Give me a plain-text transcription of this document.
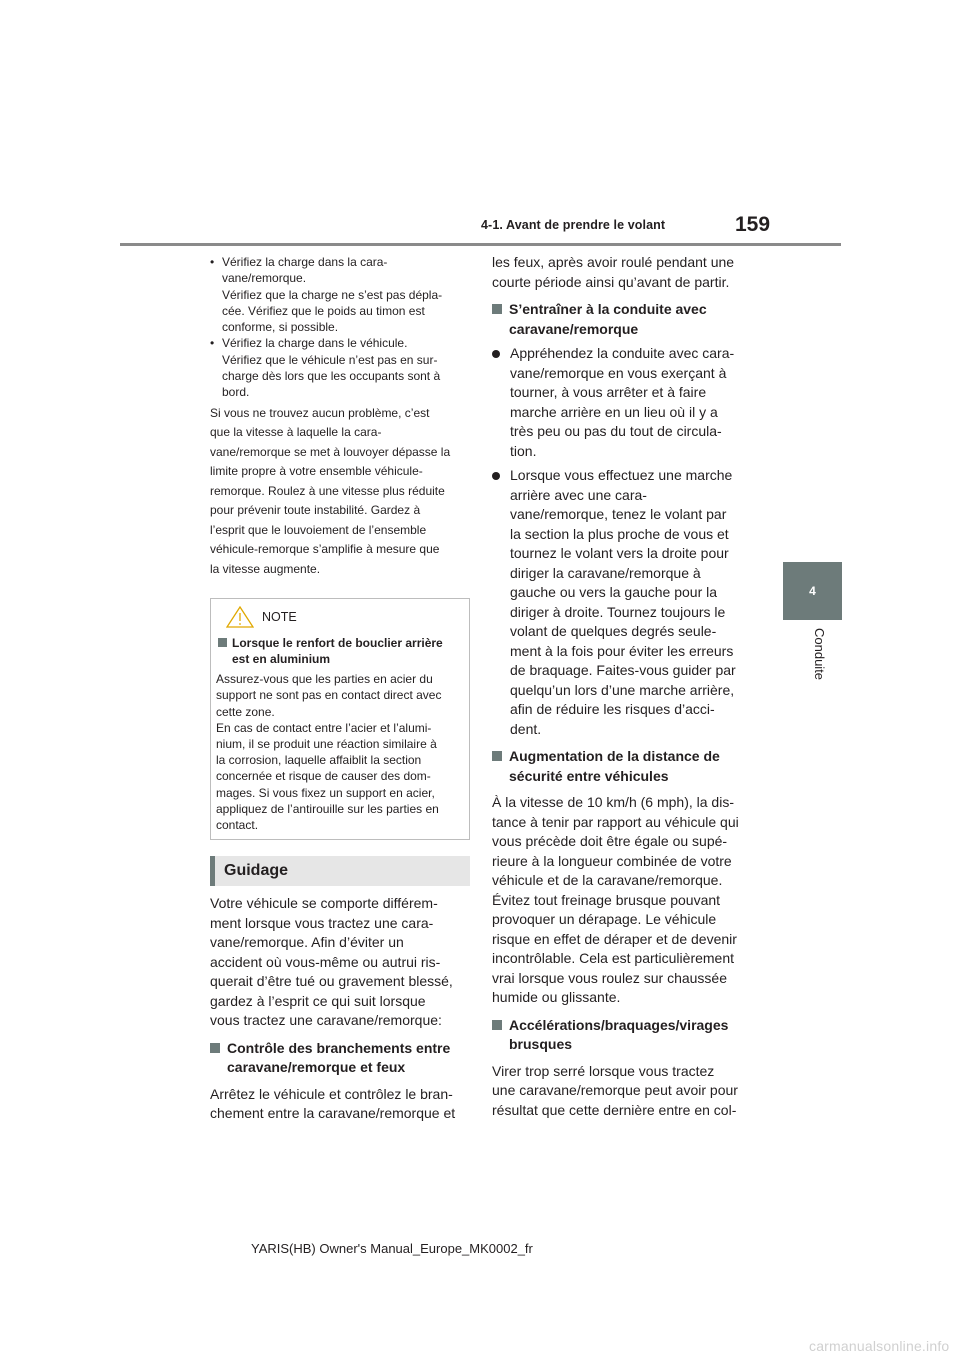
4-1. Avant de prendre le volant	159
4
Conduite
• Vérifiez la charge dans la cara-
vane/remorque.
Vérifiez que la charge ne s’est pas dépla-
cée. Vérifiez que le poids au timon est
conforme, si possible.
• Vérifiez la charge dans le véhicule.
Vérifiez que le véhicule n’est pas en sur-
charge dès lors que les occupants sont à
bord.

Si vous ne trouvez aucun problème, c’est
que la vitesse à laquelle la cara-
vane/remorque se met à louvoyer dépasse la
limite propre à votre ensemble véhicule-
remorque. Roulez à une vitesse plus réduite
pour prévenir toute instabilité. Gardez à
l’esprit que le louvoiement de l’ensemble
véhicule-remorque s’amplifie à mesure que
la vitesse augmente.

NOTE
Lorsque le renfort de bouclier arrière
est en aluminium
Assurez-vous que les parties en acier du
support ne sont pas en contact direct avec
cette zone.
En cas de contact entre l’acier et l’alumi-
nium, il se produit une réaction similaire à
la corrosion, laquelle affaiblit la section
concernée et risque de causer des dom-
mages. Si vous fixez un support en acier,
appliquez de l’antirouille sur les parties en
contact.
Guidage

Votre véhicule se comporte différem-
ment lorsque vous tractez une cara-
vane/remorque. Afin d’éviter un
accident où vous-même ou autrui ris-
querait d’être tué ou gravement blessé,
gardez à l’esprit ce qui suit lorsque
vous tractez une caravane/remorque:

Contrôle des branchements entre
caravane/remorque et feux

Arrêtez le véhicule et contrôlez le bran-
chement entre la caravane/remorque et

les feux, après avoir roulé pendant une
courte période ainsi qu’avant de partir.

S’entraîner à la conduite avec
caravane/remorque
Appréhendez la conduite avec cara-
vane/remorque en vous exerçant à
tourner, à vous arrêter et à faire
marche arrière en un lieu où il y a
très peu ou pas du tout de circula-
tion.
Lorsque vous effectuez une marche
arrière avec une cara-
vane/remorque, tenez le volant par
la section la plus proche de vous et
tournez le volant vers la droite pour
diriger la caravane/remorque à
gauche ou vers la gauche pour la
diriger à droite. Tournez toujours le
volant de quelques degrés seule-
ment à la fois pour éviter les erreurs
de braquage. Faites-vous guider par
quelqu’un lors d’une marche arrière,
afin de réduire les risques d’acci-
dent.
Augmentation de la distance de
sécurité entre véhicules

À la vitesse de 10 km/h (6 mph), la dis-
tance à tenir par rapport au véhicule qui
vous précède doit être égale ou supé-
rieure à la longueur combinée de votre
véhicule et de la caravane/remorque.
Évitez tout freinage brusque pouvant
provoquer un dérapage. Le véhicule
risque en effet de déraper et de devenir
incontrôlable. Cela est particulièrement
vrai lorsque vous roulez sur chaussée
humide ou glissante.

Accélérations/braquages/virages
brusques

Virer trop serré lorsque vous tractez
une caravane/remorque peut avoir pour
résultat que cette dernière entre en col-

YARIS(HB) Owner's Manual_Europe_MK0002_fr
carmanualsonline.info
